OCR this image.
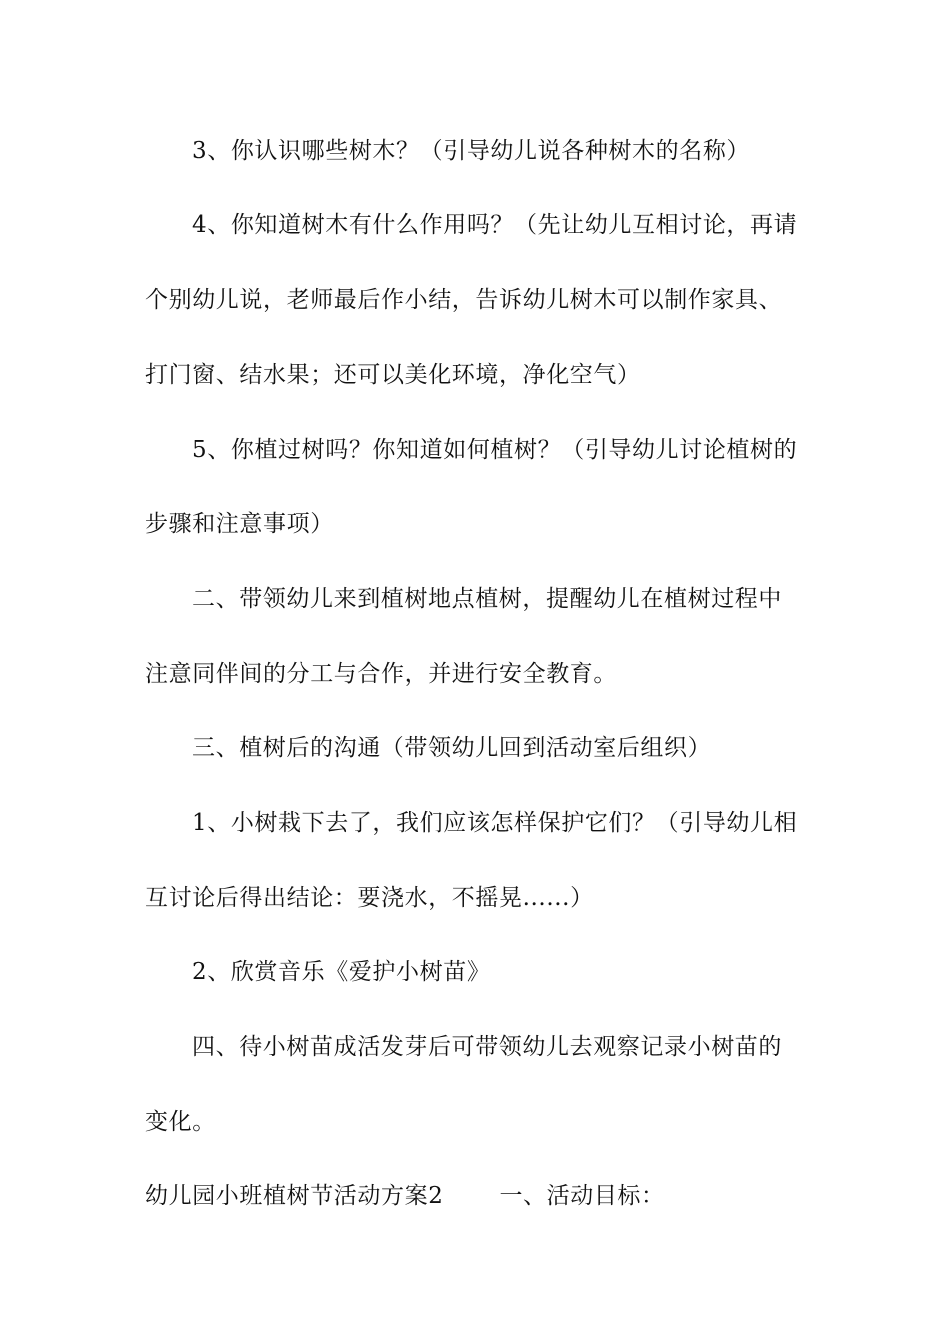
3、你认识哪些树木？（引导幼儿说各种树木的名称）
4、你知道树木有什么作用吗？（先让幼儿互相讨论，再请
个别幼儿说，老师最后作小结，告诉幼儿树木可以制作家具、
打门窗、结水果；还可以美化环境，净化空气）
5、你植过树吗？你知道如何植树？（引导幼儿讨论植树的
步骤和注意事项）
二、带领幼儿来到植树地点植树，提醒幼儿在植树过程中
注意同伴间的分工与合作，并进行安全教育。
三、植树后的沟通（带领幼儿回到活动室后组织）
1、小树栽下去了，我们应该怎样保护它们？（引导幼儿相
互讨论后得出结论：要浇水，不摇晃......）
2、欣赏音乐《爱护小树苗》
四、待小树苗成活发芽后可带领幼儿去观察记录小树苗的
变化。
幼儿园小班植树节活动方案2 一、活动目标：
